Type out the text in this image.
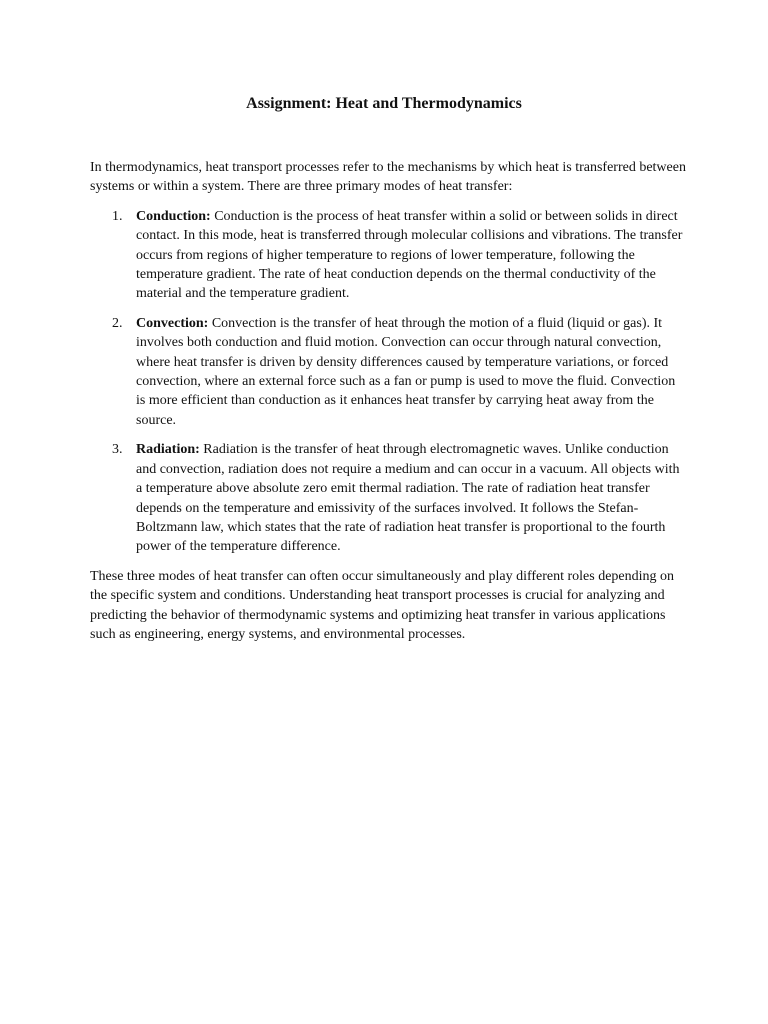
Assignment: Heat and Thermodynamics

In thermodynamics, heat transport processes refer to the mechanisms by which heat is transferred between systems or within a system. There are three primary modes of heat transfer:

1. Conduction: Conduction is the process of heat transfer within a solid or between solids in direct contact. In this mode, heat is transferred through molecular collisions and vibrations. The transfer occurs from regions of higher temperature to regions of lower temperature, following the temperature gradient. The rate of heat conduction depends on the thermal conductivity of the material and the temperature gradient.
2. Convection: Convection is the transfer of heat through the motion of a fluid (liquid or gas). It involves both conduction and fluid motion. Convection can occur through natural convection, where heat transfer is driven by density differences caused by temperature variations, or forced convection, where an external force such as a fan or pump is used to move the fluid. Convection is more efficient than conduction as it enhances heat transfer by carrying heat away from the source.
3. Radiation: Radiation is the transfer of heat through electromagnetic waves. Unlike conduction and convection, radiation does not require a medium and can occur in a vacuum. All objects with a temperature above absolute zero emit thermal radiation. The rate of radiation heat transfer depends on the temperature and emissivity of the surfaces involved. It follows the Stefan-Boltzmann law, which states that the rate of radiation heat transfer is proportional to the fourth power of the temperature difference.

These three modes of heat transfer can often occur simultaneously and play different roles depending on the specific system and conditions. Understanding heat transport processes is crucial for analyzing and predicting the behavior of thermodynamic systems and optimizing heat transfer in various applications such as engineering, energy systems, and environmental processes.
